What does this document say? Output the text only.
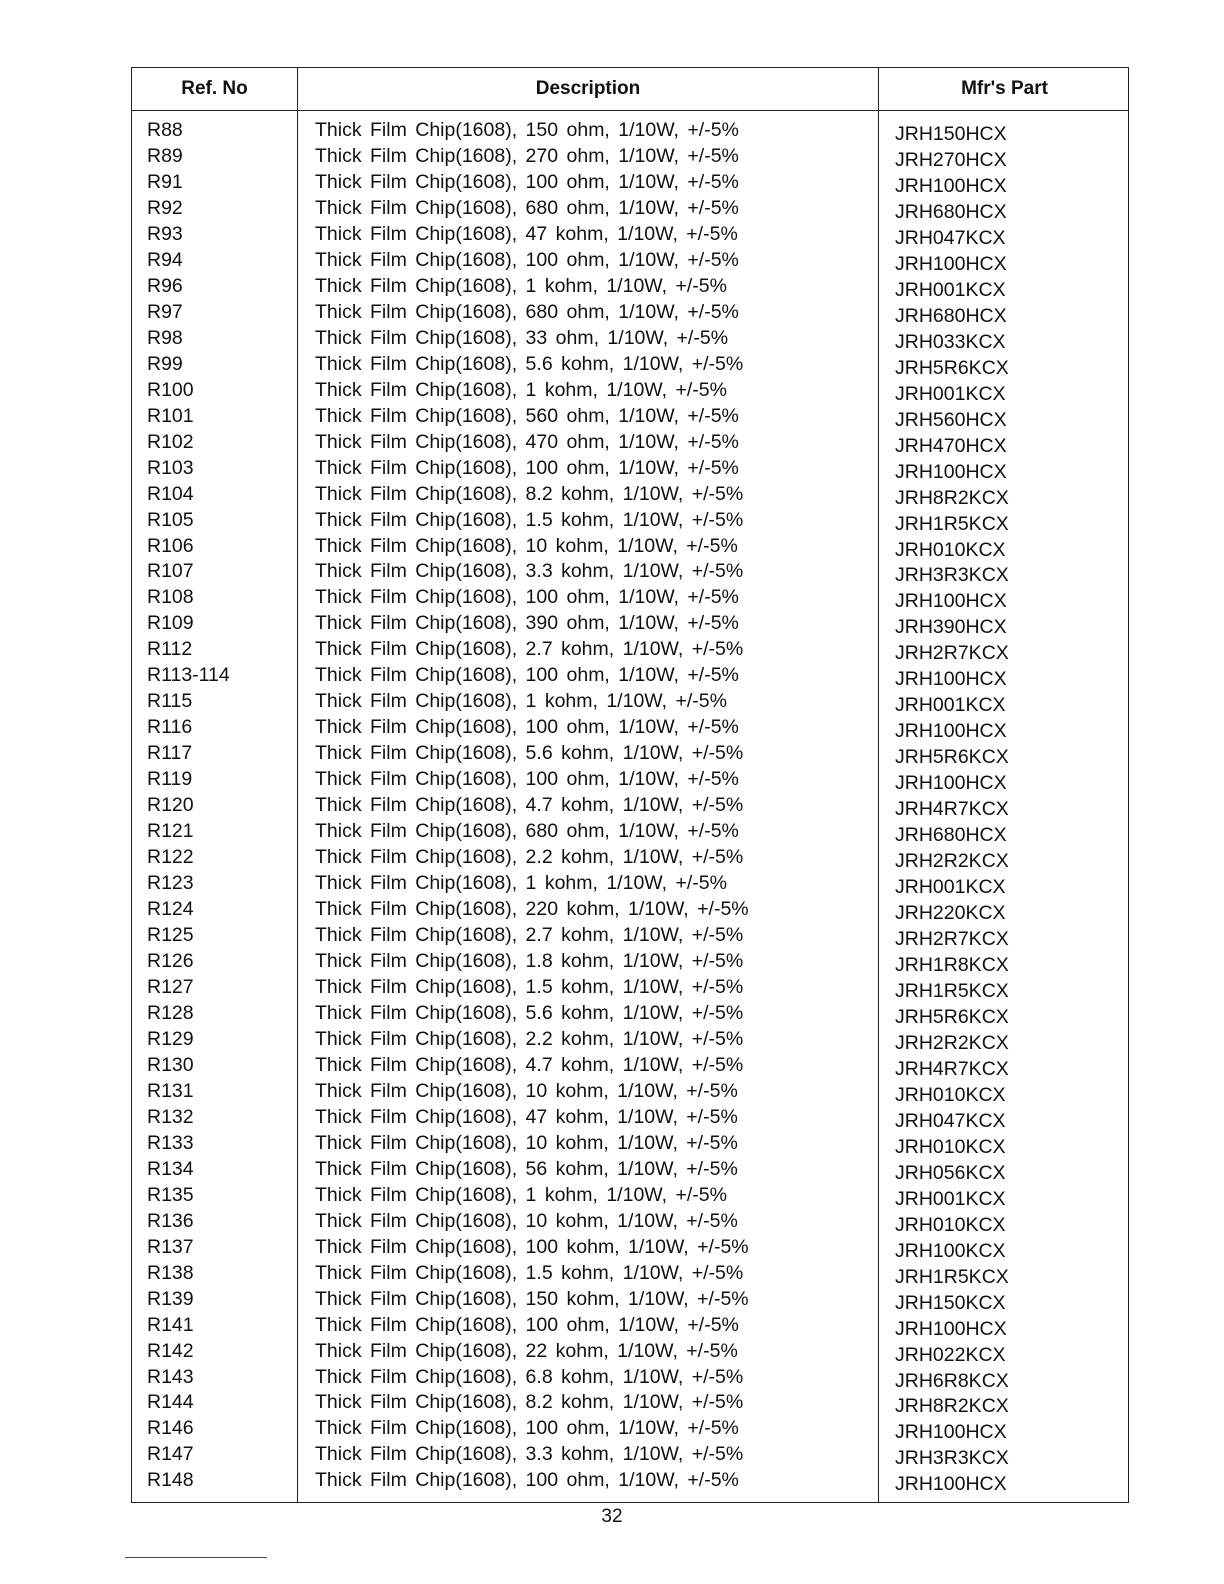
Ref. No	Description	Mfr's Part
R88	Thick Film Chip(1608), 150 ohm, 1/10W, +/-5%	JRH150HCX
R89	Thick Film Chip(1608), 270 ohm, 1/10W, +/-5%	JRH270HCX
R91	Thick Film Chip(1608), 100 ohm, 1/10W, +/-5%	JRH100HCX
R92	Thick Film Chip(1608), 680 ohm, 1/10W, +/-5%	JRH680HCX
R93	Thick Film Chip(1608), 47 kohm, 1/10W, +/-5%	JRH047KCX
R94	Thick Film Chip(1608), 100 ohm, 1/10W, +/-5%	JRH100HCX
R96	Thick Film Chip(1608), 1 kohm, 1/10W, +/-5%	JRH001KCX
R97	Thick Film Chip(1608), 680 ohm, 1/10W, +/-5%	JRH680HCX
R98	Thick Film Chip(1608), 33 ohm, 1/10W, +/-5%	JRH033KCX
R99	Thick Film Chip(1608), 5.6 kohm, 1/10W, +/-5%	JRH5R6KCX
R100	Thick Film Chip(1608), 1 kohm, 1/10W, +/-5%	JRH001KCX
R101	Thick Film Chip(1608), 560 ohm, 1/10W, +/-5%	JRH560HCX
R102	Thick Film Chip(1608), 470 ohm, 1/10W, +/-5%	JRH470HCX
R103	Thick Film Chip(1608), 100 ohm, 1/10W, +/-5%	JRH100HCX
R104	Thick Film Chip(1608), 8.2 kohm, 1/10W, +/-5%	JRH8R2KCX
R105	Thick Film Chip(1608), 1.5 kohm, 1/10W, +/-5%	JRH1R5KCX
R106	Thick Film Chip(1608), 10 kohm, 1/10W, +/-5%	JRH010KCX
R107	Thick Film Chip(1608), 3.3 kohm, 1/10W, +/-5%	JRH3R3KCX
R108	Thick Film Chip(1608), 100 ohm, 1/10W, +/-5%	JRH100HCX
R109	Thick Film Chip(1608), 390 ohm, 1/10W, +/-5%	JRH390HCX
R112	Thick Film Chip(1608), 2.7 kohm, 1/10W, +/-5%	JRH2R7KCX
R113-114	Thick Film Chip(1608), 100 ohm, 1/10W, +/-5%	JRH100HCX
R115	Thick Film Chip(1608), 1 kohm, 1/10W, +/-5%	JRH001KCX
R116	Thick Film Chip(1608), 100 ohm, 1/10W, +/-5%	JRH100HCX
R117	Thick Film Chip(1608), 5.6 kohm, 1/10W, +/-5%	JRH5R6KCX
R119	Thick Film Chip(1608), 100 ohm, 1/10W, +/-5%	JRH100HCX
R120	Thick Film Chip(1608), 4.7 kohm, 1/10W, +/-5%	JRH4R7KCX
R121	Thick Film Chip(1608), 680 ohm, 1/10W, +/-5%	JRH680HCX
R122	Thick Film Chip(1608), 2.2 kohm, 1/10W, +/-5%	JRH2R2KCX
R123	Thick Film Chip(1608), 1 kohm, 1/10W, +/-5%	JRH001KCX
R124	Thick Film Chip(1608), 220 kohm, 1/10W, +/-5%	JRH220KCX
R125	Thick Film Chip(1608), 2.7 kohm, 1/10W, +/-5%	JRH2R7KCX
R126	Thick Film Chip(1608), 1.8 kohm, 1/10W, +/-5%	JRH1R8KCX
R127	Thick Film Chip(1608), 1.5 kohm, 1/10W, +/-5%	JRH1R5KCX
R128	Thick Film Chip(1608), 5.6 kohm, 1/10W, +/-5%	JRH5R6KCX
R129	Thick Film Chip(1608), 2.2 kohm, 1/10W, +/-5%	JRH2R2KCX
R130	Thick Film Chip(1608), 4.7 kohm, 1/10W, +/-5%	JRH4R7KCX
R131	Thick Film Chip(1608), 10 kohm, 1/10W, +/-5%	JRH010KCX
R132	Thick Film Chip(1608), 47 kohm, 1/10W, +/-5%	JRH047KCX
R133	Thick Film Chip(1608), 10 kohm, 1/10W, +/-5%	JRH010KCX
R134	Thick Film Chip(1608), 56 kohm, 1/10W, +/-5%	JRH056KCX
R135	Thick Film Chip(1608), 1 kohm, 1/10W, +/-5%	JRH001KCX
R136	Thick Film Chip(1608), 10 kohm, 1/10W, +/-5%	JRH010KCX
R137	Thick Film Chip(1608), 100 kohm, 1/10W, +/-5%	JRH100KCX
R138	Thick Film Chip(1608), 1.5 kohm, 1/10W, +/-5%	JRH1R5KCX
R139	Thick Film Chip(1608), 150 kohm, 1/10W, +/-5%	JRH150KCX
R141	Thick Film Chip(1608), 100 ohm, 1/10W, +/-5%	JRH100HCX
R142	Thick Film Chip(1608), 22 kohm, 1/10W, +/-5%	JRH022KCX
R143	Thick Film Chip(1608), 6.8 kohm, 1/10W, +/-5%	JRH6R8KCX
R144	Thick Film Chip(1608), 8.2 kohm, 1/10W, +/-5%	JRH8R2KCX
R146	Thick Film Chip(1608), 100 ohm, 1/10W, +/-5%	JRH100HCX
R147	Thick Film Chip(1608), 3.3 kohm, 1/10W, +/-5%	JRH3R3KCX
R148	Thick Film Chip(1608), 100 ohm, 1/10W, +/-5%	JRH100HCX
32
